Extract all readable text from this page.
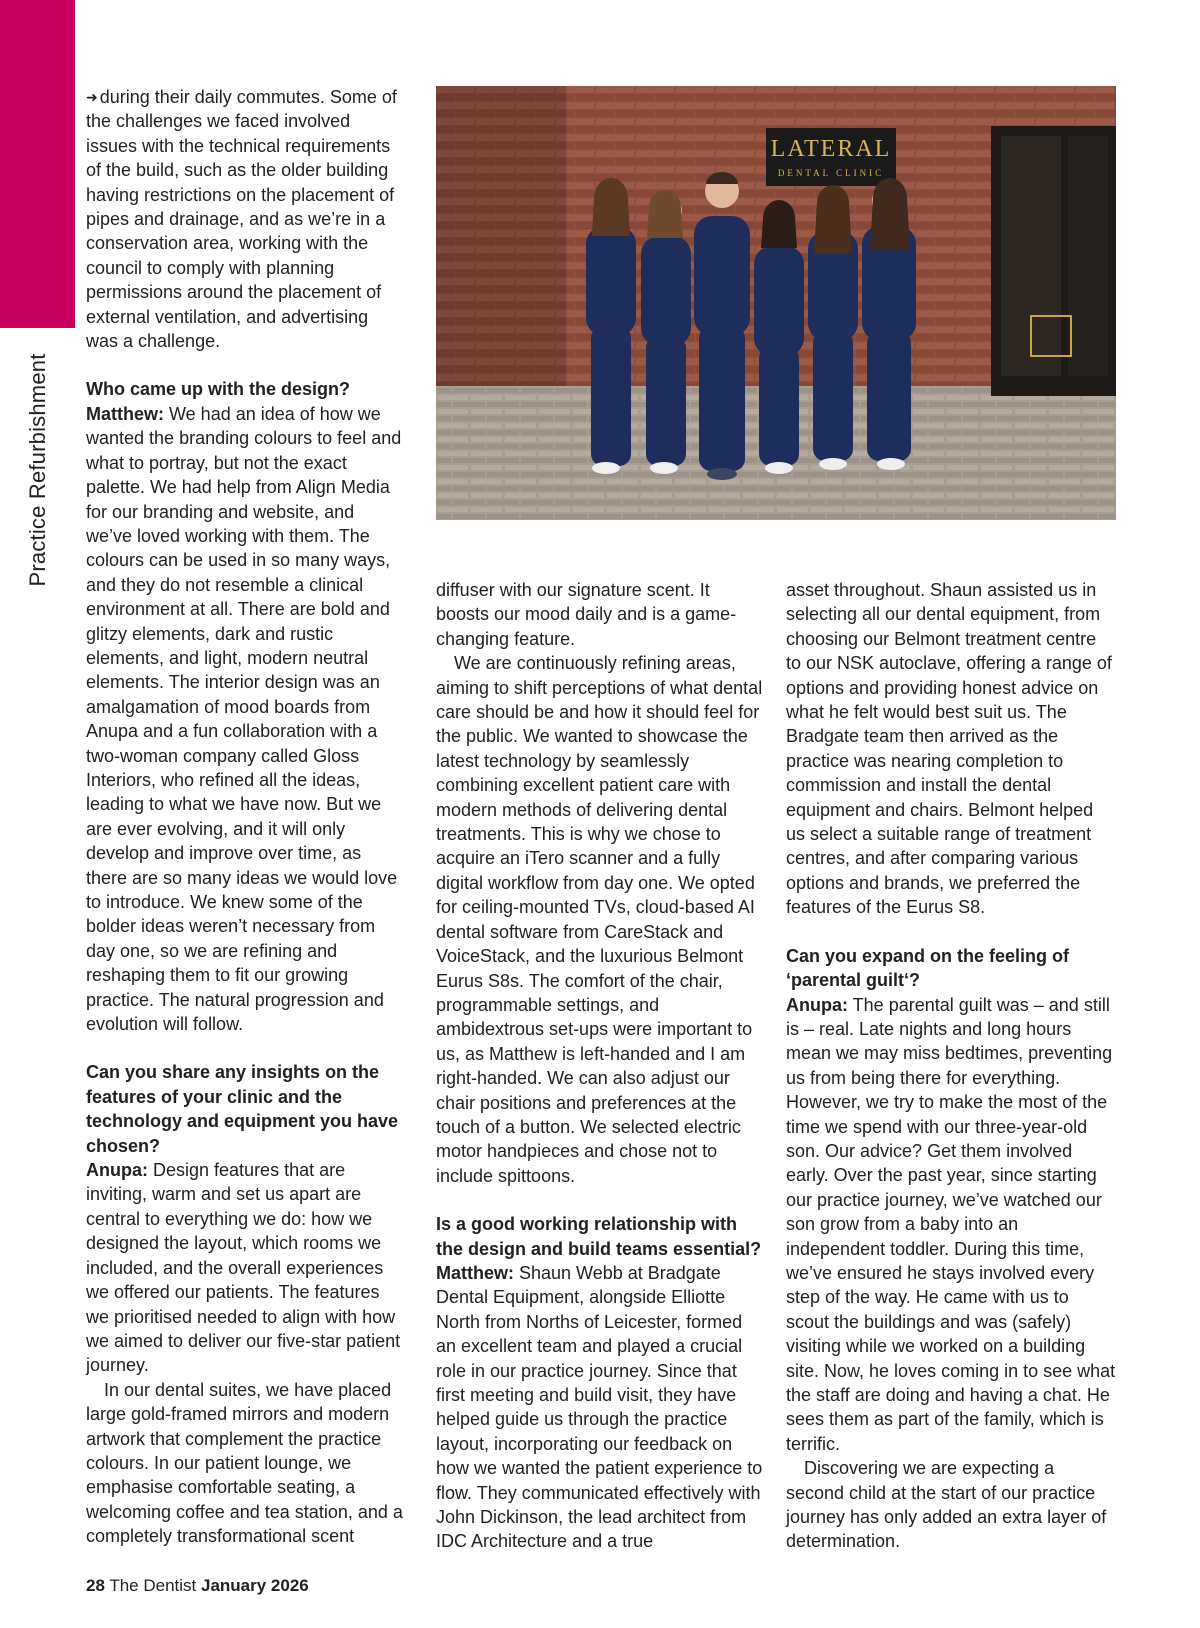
Practice Refurbishment

➜ during their daily commutes. Some of the challenges we faced involved issues with the technical requirements of the build, such as the older building having restrictions on the placement of pipes and drainage, and as we’re in a conservation area, working with the council to comply with planning permissions around the placement of external ventilation, and advertising was a challenge.

Who came up with the design?

Matthew: We had an idea of how we wanted the branding colours to feel and what to portray, but not the exact palette. We had help from Align Media for our branding and website, and we’ve loved working with them. The colours can be used in so many ways, and they do not resemble a clinical environment at all. There are bold and glitzy elements, dark and rustic elements, and light, modern neutral elements. The interior design was an amalgamation of mood boards from Anupa and a fun collaboration with a two-woman company called Gloss Interiors, who refined all the ideas, leading to what we have now. But we are ever evolving, and it will only develop and improve over time, as there are so many ideas we would love to introduce. We knew some of the bolder ideas weren’t necessary from day one, so we are refining and reshaping them to fit our growing practice. The natural progression and evolution will follow.

Can you share any insights on the features of your clinic and the technology and equipment you have chosen?

Anupa: Design features that are inviting, warm and set us apart are central to everything we do: how we designed the layout, which rooms we included, and the overall experiences we offered our patients. The features we prioritised needed to align with how we aimed to deliver our five-star patient journey.

In our dental suites, we have placed large gold-framed mirrors and modern artwork that complement the practice colours. In our patient lounge, we emphasise comfortable seating, a welcoming coffee and tea station, and a completely transformational scent

LATERAL
DENTAL CLINIC

diffuser with our signature scent. It boosts our mood daily and is a game-changing feature.

We are continuously refining areas, aiming to shift perceptions of what dental care should be and how it should feel for the public. We wanted to showcase the latest technology by seamlessly combining excellent patient care with modern methods of delivering dental treatments. This is why we chose to acquire an iTero scanner and a fully digital workflow from day one. We opted for ceiling-mounted TVs, cloud-based AI dental software from CareStack and VoiceStack, and the luxurious Belmont Eurus S8s. The comfort of the chair, programmable settings, and ambidextrous set-ups were important to us, as Matthew is left-handed and I am right-handed. We can also adjust our chair positions and preferences at the touch of a button. We selected electric motor handpieces and chose not to include spittoons.

Is a good working relationship with the design and build teams essential?

Matthew: Shaun Webb at Bradgate Dental Equipment, alongside Elliotte North from Norths of Leicester, formed an excellent team and played a crucial role in our practice journey. Since that first meeting and build visit, they have helped guide us through the practice layout, incorporating our feedback on how we wanted the patient experience to flow. They communicated effectively with John Dickinson, the lead architect from IDC Architecture and a true

asset throughout. Shaun assisted us in selecting all our dental equipment, from choosing our Belmont treatment centre to our NSK autoclave, offering a range of options and providing honest advice on what he felt would best suit us. The Bradgate team then arrived as the practice was nearing completion to commission and install the dental equipment and chairs. Belmont helped us select a suitable range of treatment centres, and after comparing various options and brands, we preferred the features of the Eurus S8.

Can you expand on the feeling of ‘parental guilt‘?

Anupa: The parental guilt was – and still is – real. Late nights and long hours mean we may miss bedtimes, preventing us from being there for everything. However, we try to make the most of the time we spend with our three-year-old son. Our advice? Get them involved early. Over the past year, since starting our practice journey, we’ve watched our son grow from a baby into an independent toddler. During this time, we’ve ensured he stays involved every step of the way. He came with us to scout the buildings and was (safely) visiting while we worked on a building site. Now, he loves coming in to see what the staff are doing and having a chat. He sees them as part of the family, which is terrific.

Discovering we are expecting a second child at the start of our practice journey has only added an extra layer of determination.

28 The Dentist January 2026
